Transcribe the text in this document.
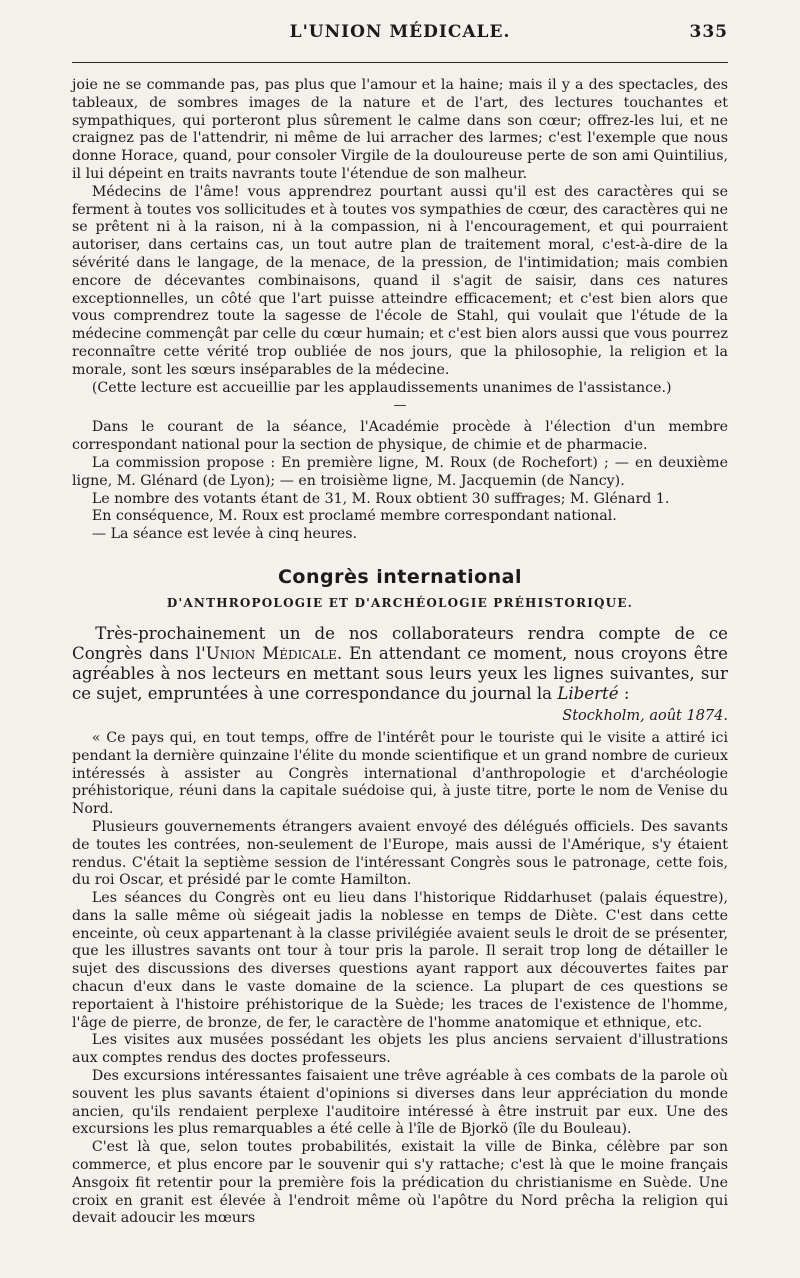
L'UNION MÉDICALE.	335

joie ne se commande pas, pas plus que l'amour et la haine; mais il y a des spectacles, des tableaux, de sombres images de la nature et de l'art, des lectures touchantes et sympathiques, qui porteront plus sûrement le calme dans son cœur; offrez-les lui, et ne craignez pas de l'attendrir, ni même de lui arracher des larmes; c'est l'exemple que nous donne Horace, quand, pour consoler Virgile de la douloureuse perte de son ami Quintilius, il lui dépeint en traits navrants toute l'étendue de son malheur.

Médecins de l'âme! vous apprendrez pourtant aussi qu'il est des caractères qui se ferment à toutes vos sollicitudes et à toutes vos sympathies de cœur, des caractères qui ne se prêtent ni à la raison, ni à la compassion, ni à l'encouragement, et qui pourraient autoriser, dans certains cas, un tout autre plan de traitement moral, c'est-à-dire de la sévérité dans le langage, de la menace, de la pression, de l'intimidation; mais combien encore de décevantes combinaisons, quand il s'agit de saisir, dans ces natures exceptionnelles, un côté que l'art puisse atteindre efficacement; et c'est bien alors que vous comprendrez toute la sagesse de l'école de Stahl, qui voulait que l'étude de la médecine commençât par celle du cœur humain; et c'est bien alors aussi que vous pourrez reconnaître cette vérité trop oubliée de nos jours, que la philosophie, la religion et la morale, sont les sœurs inséparables de la médecine.

(Cette lecture est accueillie par les applaudissements unanimes de l'assistance.)

—

Dans le courant de la séance, l'Académie procède à l'élection d'un membre correspondant national pour la section de physique, de chimie et de pharmacie.

La commission propose : En première ligne, M. Roux (de Rochefort) ; — en deuxième ligne, M. Glénard (de Lyon); — en troisième ligne, M. Jacquemin (de Nancy).

Le nombre des votants étant de 31, M. Roux obtient 30 suffrages; M. Glénard 1.

En conséquence, M. Roux est proclamé membre correspondant national.

— La séance est levée à cinq heures.

Congrès international
D'ANTHROPOLOGIE ET D'ARCHÉOLOGIE PRÉHISTORIQUE.

Très-prochainement un de nos collaborateurs rendra compte de ce Congrès dans l'Union Médicale. En attendant ce moment, nous croyons être agréables à nos lecteurs en mettant sous leurs yeux les lignes suivantes, sur ce sujet, empruntées à une correspondance du journal la Liberté :

Stockholm, août 1874.

« Ce pays qui, en tout temps, offre de l'intérêt pour le touriste qui le visite a attiré ici pendant la dernière quinzaine l'élite du monde scientifique et un grand nombre de curieux intéressés à assister au Congrès international d'anthropologie et d'archéologie préhistorique, réuni dans la capitale suédoise qui, à juste titre, porte le nom de Venise du Nord.

Plusieurs gouvernements étrangers avaient envoyé des délégués officiels. Des savants de toutes les contrées, non-seulement de l'Europe, mais aussi de l'Amérique, s'y étaient rendus. C'était la septième session de l'intéressant Congrès sous le patronage, cette fois, du roi Oscar, et présidé par le comte Hamilton.

Les séances du Congrès ont eu lieu dans l'historique Riddarhuset (palais équestre), dans la salle même où siégeait jadis la noblesse en temps de Diète. C'est dans cette enceinte, où ceux appartenant à la classe privilégiée avaient seuls le droit de se présenter, que les illustres savants ont tour à tour pris la parole. Il serait trop long de détailler le sujet des discussions des diverses questions ayant rapport aux découvertes faites par chacun d'eux dans le vaste domaine de la science. La plupart de ces questions se reportaient à l'histoire préhistorique de la Suède; les traces de l'existence de l'homme, l'âge de pierre, de bronze, de fer, le caractère de l'homme anatomique et ethnique, etc.

Les visites aux musées possédant les objets les plus anciens servaient d'illustrations aux comptes rendus des doctes professeurs.

Des excursions intéressantes faisaient une trêve agréable à ces combats de la parole où souvent les plus savants étaient d'opinions si diverses dans leur appréciation du monde ancien, qu'ils rendaient perplexe l'auditoire intéressé à être instruit par eux. Une des excursions les plus remarquables a été celle à l'île de Bjorkö (île du Bouleau).

C'est là que, selon toutes probabilités, existait la ville de Binka, célèbre par son commerce, et plus encore par le souvenir qui s'y rattache; c'est là que le moine français Ansgoix fit retentir pour la première fois la prédication du christianisme en Suède. Une croix en granit est élevée à l'endroit même où l'apôtre du Nord prêcha la religion qui devait adoucir les mœurs
